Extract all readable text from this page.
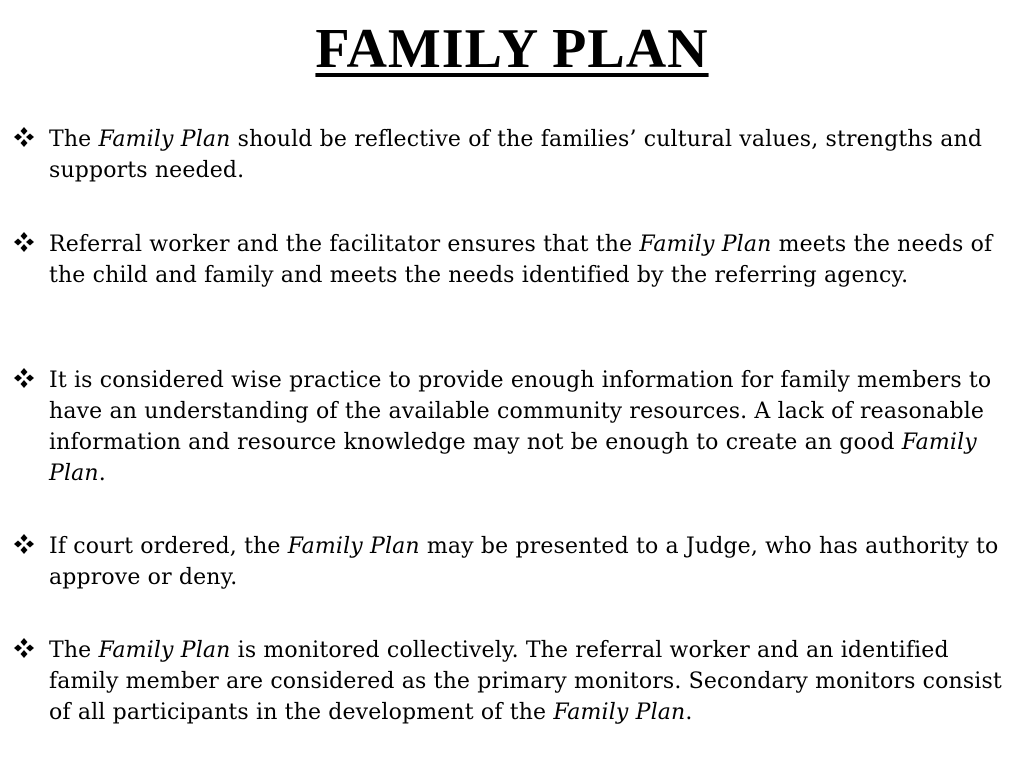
FAMILY PLAN

The Family Plan should be reflective of the families’ cultural values, strengths and supports needed.

Referral worker and the facilitator ensures that the Family Plan meets the needs of the child and family and meets the needs identified by the referring agency.

It is considered wise practice to provide enough information for family members to have an understanding of the available community resources. A lack of reasonable information and resource knowledge may not be enough to create an good Family Plan.

If court ordered, the Family Plan may be presented to a Judge, who has authority to approve or deny.

The Family Plan is monitored collectively. The referral worker and an identified family member are considered as the primary monitors. Secondary monitors consist of all participants in the development of the Family Plan.
